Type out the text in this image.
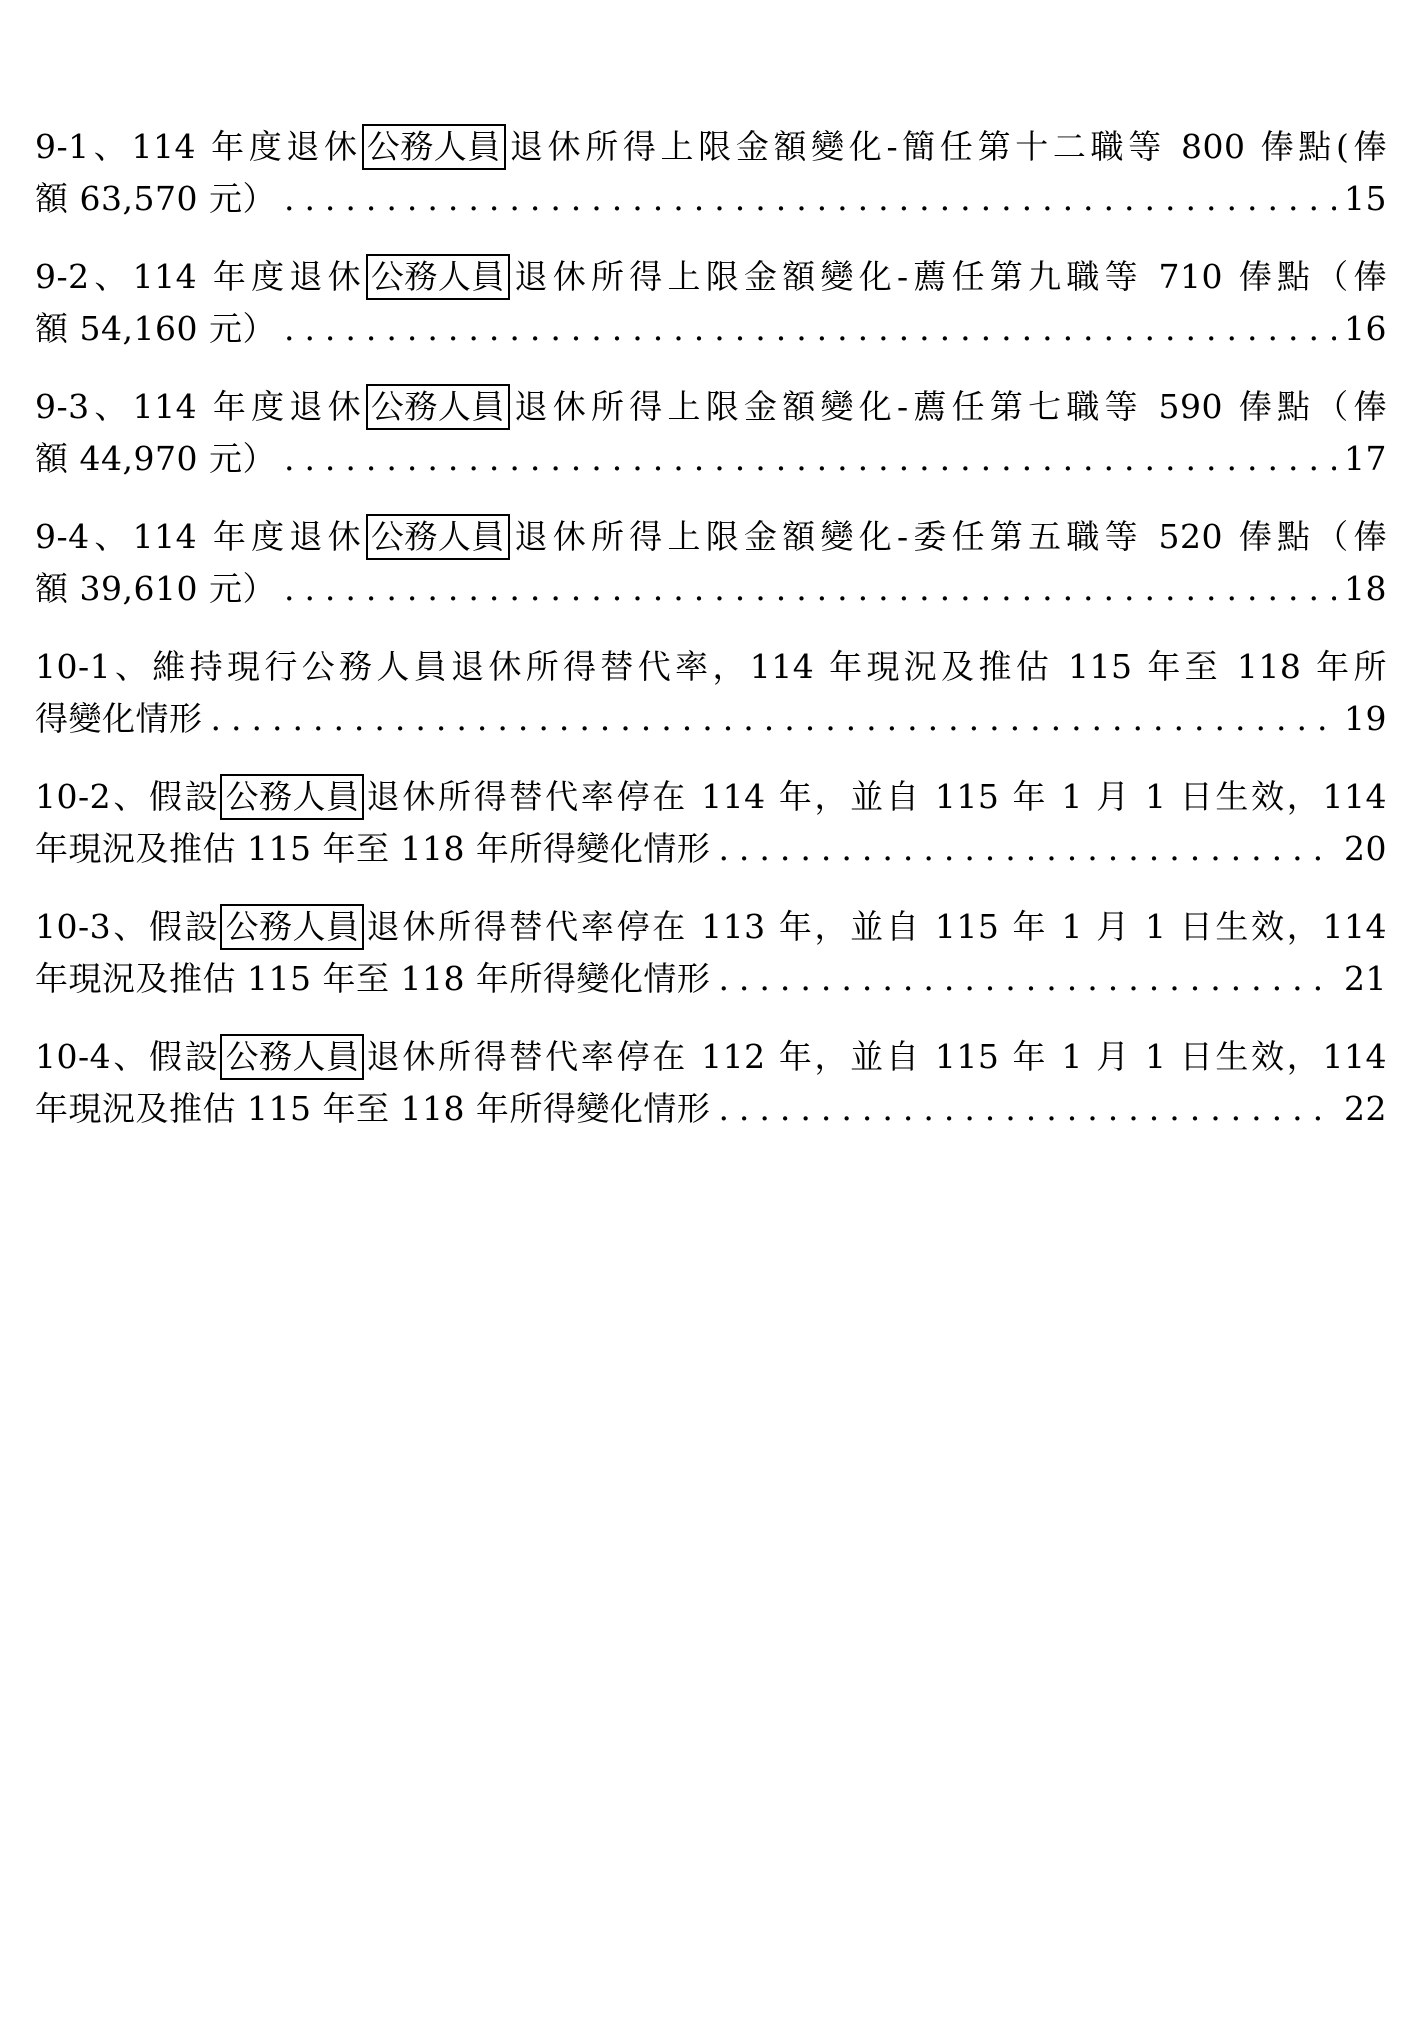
9-1、114 年度退休 公務人員 退休所得上限金額變化-簡任第十二職等 800 俸點(俸
額 63,570 元） .....	15
9-2、114 年度退休 公務人員 退休所得上限金額變化-薦任第九職等 710 俸點（俸
額 54,160 元） .....	16
9-3、114 年度退休 公務人員 退休所得上限金額變化-薦任第七職等 590 俸點（俸
額 44,970 元） .....	17
9-4、114 年度退休 公務人員 退休所得上限金額變化-委任第五職等 520 俸點（俸
額 39,610 元） .....	18
10-1、維持現行公務人員退休所得替代率，114 年現況及推估 115 年至 118 年所
得變化情形 .....	19
10-2、假設 公務人員 退休所得替代率停在 114 年，並自 115 年 1 月 1 日生效，114
年現況及推估 115 年至 118 年所得變化情形 .....	20
10-3、假設 公務人員 退休所得替代率停在 113 年，並自 115 年 1 月 1 日生效，114
年現況及推估 115 年至 118 年所得變化情形 .....	21
10-4、假設 公務人員 退休所得替代率停在 112 年，並自 115 年 1 月 1 日生效，114
年現況及推估 115 年至 118 年所得變化情形 .....	22
